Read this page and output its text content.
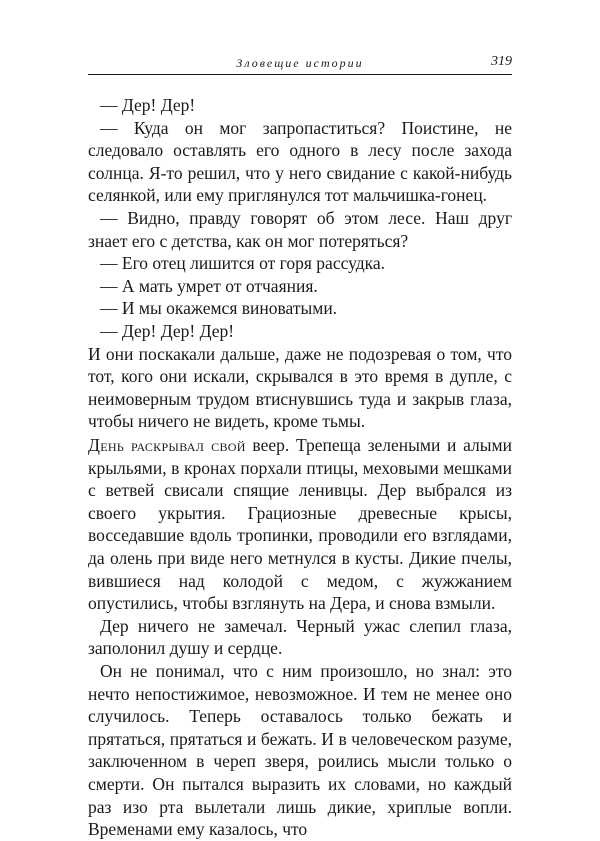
Зловещие истории	319

— Дер! Дер!

— Куда он мог запропаститься? Поистине, не следовало оставлять его одного в лесу после захода солнца. Я-то решил, что у него свидание с какой-нибудь селянкой, или ему приглянулся тот мальчишка-гонец.

— Видно, правду говорят об этом лесе. Наш друг знает его с детства, как он мог потеряться?

— Его отец лишится от горя рассудка.

— А мать умрет от отчаяния.

— И мы окажемся виноватыми.

— Дер! Дер! Дер!

И они поскакали дальше, даже не подозревая о том, что тот, кого они искали, скрывался в это время в дупле, с неимоверным трудом втиснувшись туда и закрыв глаза, чтобы ничего не видеть, кроме тьмы.

День раскрывал свой веер. Трепеща зелеными и алыми крыльями, в кронах порхали птицы, меховыми мешками с ветвей свисали спящие ленивцы. Дер выбрался из своего укрытия. Грациозные древесные крысы, восседавшие вдоль тропинки, проводили его взглядами, да олень при виде него метнулся в кусты. Дикие пчелы, вившиеся над колодой с медом, с жужжанием опустились, чтобы взглянуть на Дера, и снова взмыли.

Дер ничего не замечал. Черный ужас слепил глаза, заполонил душу и сердце.

Он не понимал, что с ним произошло, но знал: это нечто непостижимое, невозможное. И тем не менее оно случилось. Теперь оставалось только бежать и прятаться, прятаться и бежать. И в человеческом разуме, заключенном в череп зверя, роились мысли только о смерти. Он пытался выразить их словами, но каждый раз изо рта вылетали лишь дикие, хриплые вопли. Временами ему казалось, что
